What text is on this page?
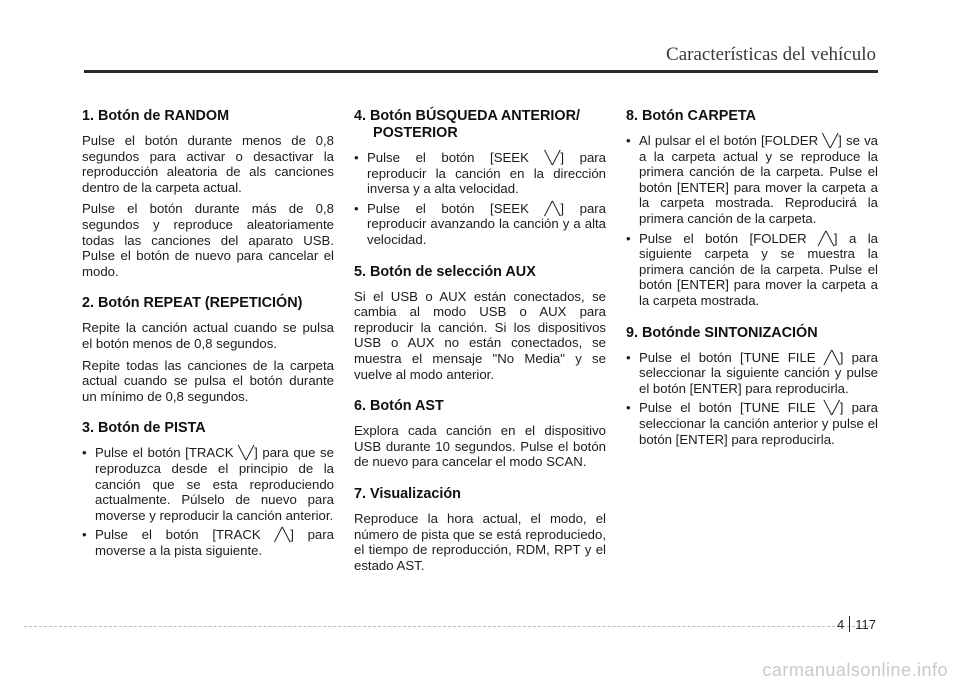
Características del vehículo
1. Botón de RANDOM

Pulse el botón durante menos de 0,8 segundos para activar o desactivar la reproducción aleatoria de als canciones dentro de la carpeta actual.

Pulse el botón durante más de 0,8 segundos y reproduce aleatoriamente todas las canciones del aparato USB. Pulse el botón de nuevo para cancelar el modo.

2. Botón REPEAT (REPETICIÓN)

Repite la canción actual cuando se pulsa el botón menos de 0,8 segundos.

Repite todas las canciones de la carpeta actual cuando se pulsa el botón durante un mínimo de 0,8 segundos.

3. Botón de PISTA
• Pulse el botón [TRACK ╲╱] para que se reproduzca desde el principio de la canción que se esta reproduciendo actualmente. Púlselo de nuevo para moverse y reproducir la canción anterior.
• Pulse el botón [TRACK ╱╲] para moverse a la pista siguiente.
4. Botón BÚSQUEDA ANTERIOR/ POSTERIOR
• Pulse el botón [SEEK ╲╱] para reproducir la canción en la dirección inversa y a alta velocidad.
• Pulse el botón [SEEK ╱╲] para reproducir avanzando la canción y a alta velocidad.
5. Botón de selección AUX

Si el USB o AUX están conectados, se cambia al modo USB o AUX para reproducir la canción. Si los dispositivos USB o AUX no están conectados, se muestra el mensaje "No Media" y se vuelve al modo anterior.

6. Botón AST

Explora cada canción en el dispositivo USB durante 10 segundos. Pulse el botón de nuevo para cancelar el modo SCAN.

7. Visualización

Reproduce la hora actual, el modo, el número de pista que se está reproduciedo, el tiempo de reproducción, RDM, RPT y el estado AST.

8. Botón CARPETA
• Al pulsar el el botón [FOLDER ╲╱] se va a la carpeta actual y se reproduce la primera canción de la carpeta. Pulse el botón [ENTER] para mover la carpeta a la carpeta mostrada. Reproducirá la primera canción de la carpeta.
• Pulse el botón [FOLDER ╱╲] a la siguiente carpeta y se muestra la primera canción de la carpeta. Pulse el botón [ENTER] para mover la carpeta a la carpeta mostrada.
9. Botónde SINTONIZACIÓN
• Pulse el botón [TUNE FILE ╱╲] para seleccionar la siguiente canción y pulse el botón [ENTER] para reproducirla.
• Pulse el botón [TUNE FILE ╲╱] para seleccionar la canción anterior y pulse el botón [ENTER] para reproducirla.
4 117
carmanualsonline.info
